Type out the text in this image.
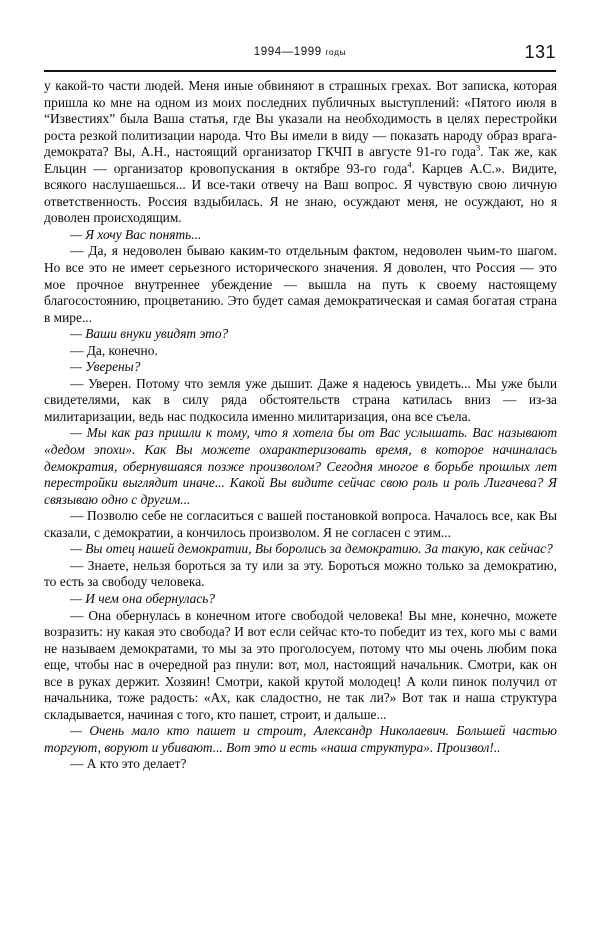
1994—1999 годы	131

у какой-то части людей. Меня иные обвиняют в страшных грехах. Вот записка, которая пришла ко мне на одном из моих последних публичных выступлений: «Пятого июля в “Известиях” была Ваша статья, где Вы указали на необходимость в целях перестройки роста резкой политизации народа. Что Вы имели в виду — показать народу образ врага-демократа? Вы, А.Н., настоящий организатор ГКЧП в августе 91-го года$^3$. Так же, как Ельцин — организатор кровопускания в октябре 93-го года$^4$. Карцев А.С.». Видите, всякого наслушаешься... И все-таки отвечу на Ваш вопрос. Я чувствую свою личную ответственность. Россия вздыбилась. Я не знаю, осуждают меня, не осуждают, но я доволен происходящим.

— Я хочу Вас понять...

— Да, я недоволен бываю каким-то отдельным фактом, недоволен чьим-то шагом. Но все это не имеет серьезного исторического значения. Я доволен, что Россия — это мое прочное внутреннее убеждение — вышла на путь к своему настоящему благосостоянию, процветанию. Это будет самая демократическая и самая богатая страна в мире...

— Ваши внуки увидят это?

— Да, конечно.

— Уверены?

— Уверен. Потому что земля уже дышит. Даже я надеюсь увидеть... Мы уже были свидетелями, как в силу ряда обстоятельств страна катилась вниз — из-за милитаризации, ведь нас подкосила именно милитаризация, она все съела.

— Мы как раз пришли к тому, что я хотела бы от Вас услышать. Вас называют «дедом эпохи». Как Вы можете охарактеризовать время, в которое начиналась демократия, обернувшаяся позже произволом? Сегодня многое в борьбе прошлых лет перестройки выглядит иначе... Какой Вы видите сейчас свою роль и роль Лигачева? Я связываю одно с другим...

— Позволю себе не согласиться с вашей постановкой вопроса. Началось все, как Вы сказали, с демократии, а кончилось произволом. Я не согласен с этим...

— Вы отец нашей демократии, Вы боролись за демократию. За такую, как сейчас?

— Знаете, нельзя бороться за ту или за эту. Бороться можно только за демократию, то есть за свободу человека.

— И чем она обернулась?

— Она обернулась в конечном итоге свободой человека! Вы мне, конечно, можете возразить: ну какая это свобода? И вот если сейчас кто-то победит из тех, кого мы с вами не называем демократами, то мы за это проголосуем, потому что мы очень любим пока еще, чтобы нас в очередной раз пнули: вот, мол, настоящий начальник. Смотри, как он все в руках держит. Хозяин! Смотри, какой крутой молодец! А коли пинок получил от начальника, тоже радость: «Ах, как сладостно, не так ли?» Вот так и наша структура складывается, начиная с того, кто пашет, строит, и дальше...

— Очень мало кто пашет и строит, Александр Николаевич. Большей частью торгуют, воруют и убивают... Вот это и есть «наша структура». Произвол!..

— А кто это делает?
